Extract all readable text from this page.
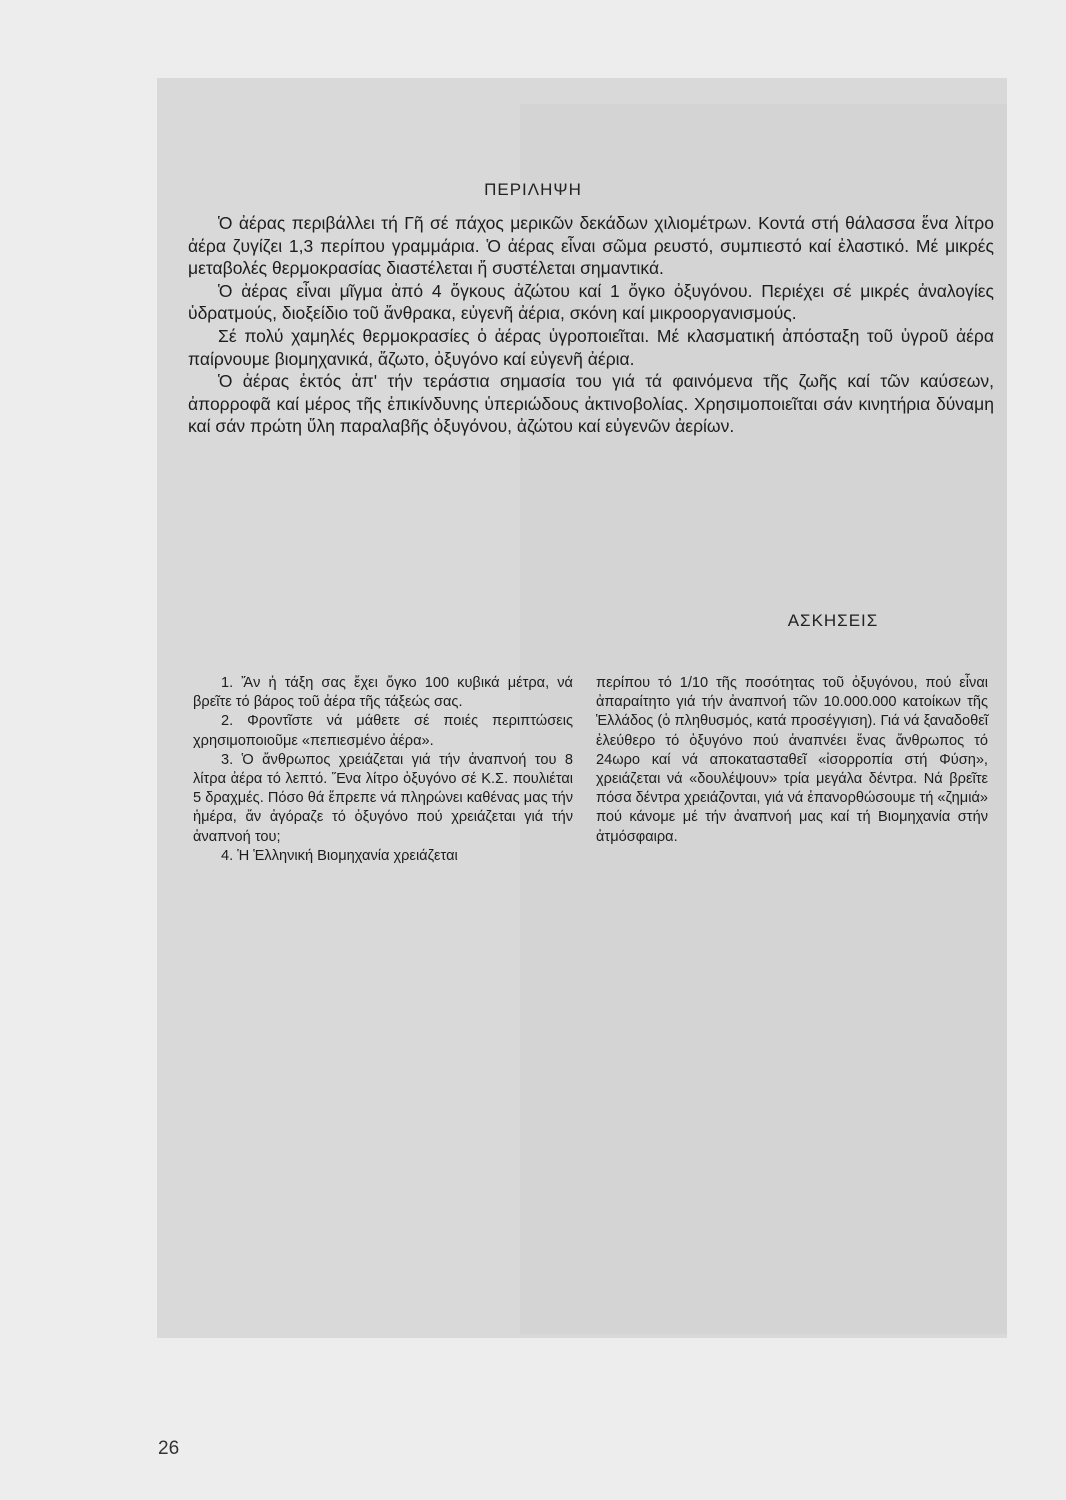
ΠΕΡΙΛΗΨΗ

Ὁ ἀέρας περιβάλλει τή Γῆ σέ πάχος μερικῶν δεκάδων χιλιομέτρων. Κοντά στή θάλασσα ἕνα λίτρο ἀέρα ζυγίζει 1,3 περίπου γραμμάρια. Ὁ ἀέρας εἶναι σῶμα ρευστό, συμπιεστό καί ἐλαστικό. Μέ μικρές μεταβολές θερμοκρασίας διαστέλεται ἤ συστέλεται σημαντικά.

Ὁ ἀέρας εἶναι μῖγμα ἀπό 4 ὄγκους ἀζώτου καί 1 ὄγκο ὀξυγόνου. Περιέχει σέ μικρές ἀναλογίες ὑδρατμούς, διοξείδιο τοῦ ἄνθρακα, εὐγενῆ ἀέρια, σκόνη καί μικροοργανισμούς.

Σέ πολύ χαμηλές θερμοκρασίες ὁ ἀέρας ὑγροποιεῖται. Μέ κλασματική ἀπόσταξη τοῦ ὑγροῦ ἀέρα παίρνουμε βιομηχανικά, ἄζωτο, ὀξυγόνο καί εὐγενῆ ἀέρια.

Ὁ ἀέρας ἐκτός ἀπ' τήν τεράστια σημασία του γιά τά φαινόμενα τῆς ζωῆς καί τῶν καύσεων, ἀπορροφᾶ καί μέρος τῆς ἐπικίνδυνης ὑπεριώδους ἀκτινοβολίας. Χρησιμοποιεῖται σάν κινητήρια δύναμη καί σάν πρώτη ὕλη παραλαβῆς ὀξυγόνου, ἀζώτου καί εὐγενῶν ἀερίων.

ΑΣΚΗΣΕΙΣ

1. Ἄν ἡ τάξη σας ἔχει ὄγκο 100 κυβικά μέτρα, νά βρεῖτε τό βάρος τοῦ ἀέρα τῆς τάξεώς σας.

2. Φροντῖστε νά μάθετε σέ ποιές περιπτώσεις χρησιμοποιοῦμε «πεπιεσμένο ἀέρα».

3. Ὁ ἄνθρωπος χρειάζεται γιά τήν ἀναπνοή του 8 λίτρα ἀέρα τό λεπτό. Ἕνα λίτρο ὀξυγόνο σέ Κ.Σ. πουλιέται 5 δραχμές. Πόσο θά ἔπρεπε νά πληρώνει καθένας μας τήν ἡμέρα, ἄν ἀγόραζε τό ὀξυγόνο πού χρειάζεται γιά τήν ἀναπνοή του;

4. Ἡ Ἑλληνική Βιομηχανία χρειάζεται

περίπου τό 1/10 τῆς ποσότητας τοῦ ὀξυγόνου, πού εἶναι ἀπαραίτητο γιά τήν ἀναπνοή τῶν 10.000.000 κατοίκων τῆς Ἑλλάδος (ὁ πληθυσμός, κατά προσέγγιση). Γιά νά ξαναδοθεῖ ἐλεύθερο τό ὀξυγόνο πού ἀναπνέει ἕνας ἄνθρωπος τό 24ωρο καί νά αποκατασταθεῖ «ἰσορροπία στή Φύση», χρειάζεται νά «δουλέψουν» τρία μεγάλα δέντρα. Νά βρεῖτε πόσα δέντρα χρειάζονται, γιά νά ἐπανορθώσουμε τή «ζημιά» πού κάνομε μέ τήν ἀναπνοή μας καί τή Βιομηχανία στήν ἀτμόσφαιρα.

26
